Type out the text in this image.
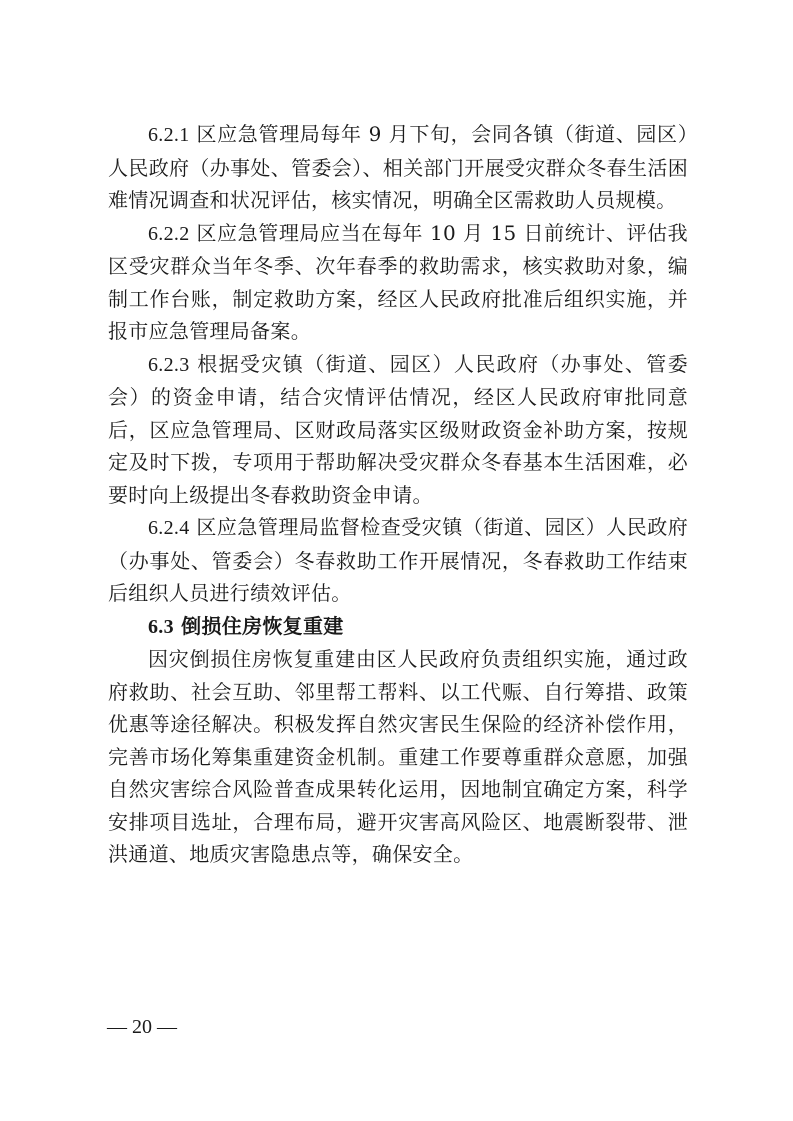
6.2.1 区应急管理局每年 9 月下旬，会同各镇（街道、园区）人民政府（办事处、管委会）、相关部门开展受灾群众冬春生活困难情况调查和状况评估，核实情况，明确全区需救助人员规模。

6.2.2 区应急管理局应当在每年 10 月 15 日前统计、评估我区受灾群众当年冬季、次年春季的救助需求，核实救助对象，编制工作台账，制定救助方案，经区人民政府批准后组织实施，并报市应急管理局备案。

6.2.3 根据受灾镇（街道、园区）人民政府（办事处、管委会）的资金申请，结合灾情评估情况，经区人民政府审批同意后，区应急管理局、区财政局落实区级财政资金补助方案，按规定及时下拨，专项用于帮助解决受灾群众冬春基本生活困难，必要时向上级提出冬春救助资金申请。

6.2.4 区应急管理局监督检查受灾镇（街道、园区）人民政府（办事处、管委会）冬春救助工作开展情况，冬春救助工作结束后组织人员进行绩效评估。

6.3 倒损住房恢复重建

因灾倒损住房恢复重建由区人民政府负责组织实施，通过政府救助、社会互助、邻里帮工帮料、以工代赈、自行筹措、政策优惠等途径解决。积极发挥自然灾害民生保险的经济补偿作用，完善市场化筹集重建资金机制。重建工作要尊重群众意愿，加强自然灾害综合风险普查成果转化运用，因地制宜确定方案，科学安排项目选址，合理布局，避开灾害高风险区、地震断裂带、泄洪通道、地质灾害隐患点等，确保安全。

— 20 —
